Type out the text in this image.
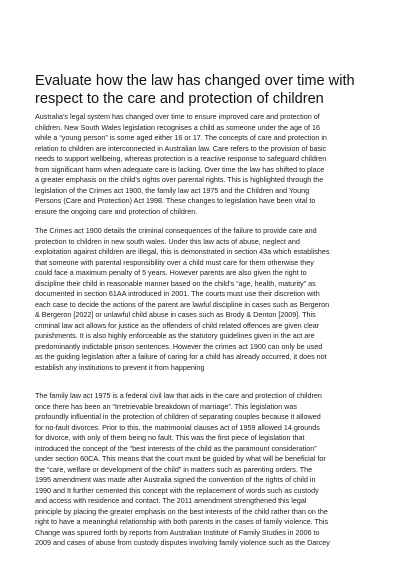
Evaluate how the law has changed over time with
respect to the care and protection of children
Australia’s legal system has changed over time to ensure improved care and protection of
children. New South Wales legislation recognises a child as someone under the age of 16
while a “young person” is some aged either 16 or 17. The concepts of care and protection in
relation to children are interconnected in Australian law. Care refers to the provision of basic
needs to support wellbeing, whereas protection is a reactive response to safeguard children
from significant harm when adequate care is lacking. Over time the law has shifted to place
a greater emphasis on the child’s rights over parental rights. This is highlighted through the
legislation of the Crimes act 1900, the family law act 1975 and the Children and Young
Persons (Care and Protection) Act 1998. These changes to legislation have been vital to
ensure the ongoing care and protection of children.
The Crimes act 1900 details the criminal consequences of the failure to provide care and
protection to children in new south wales. Under this law acts of abuse, neglect and
exploitation against children are illegal, this is demonstrated in section 43a which establishes
that someone with parental responsibility over a child must care for them otherwise they
could face a maximum penalty of 5 years. However parents are also given the right to
discipline their child in reasonable manner based on the child’s “age, health, maturity” as
documented in section 61AA introduced in 2001. The courts must use their discretion with
each case to decide the actions of the parent are lawful discipline in cases such as Bergeron
& Bergeron [2022] or unlawful child abuse in cases such as Brody & Denton [2009]. This
criminal law act allows for justice as the offenders of child related offences are given clear
punishments. It is also highly enforceable as the statutory guidelines given in the act are
predominantly indictable prison sentences. However the crimes act 1900 can only be used
as the guiding legislation after a failure of caring for a child has already occurred, it does not
establish any institutions to prevent it from happening
The family law act 1975 is a federal civil law that aids in the care and protection of children
once there has been an “Irretrievable breakdown of marriage”. This legislation was
profoundly influential in the protection of children of separating couples because it allowed
for no-fault divorces. Prior to this, the matrimonial clauses act of 1959 allowed 14 grounds
for divorce, with only of them being no fault. This was the first piece of legislation that
introduced the concept of the “best interests of the child as the paramount consideration”
under section 60CA. This means that the court must be guided by what will be beneficial for
the “care, welfare or development of the child” in matters such as parenting orders. The
1995 amendment was made after Australia signed the convention of the rights of child in
1990 and It further cemented this concept with the replacement of words such as custody
and access with residence and contact. The 2011 amendment strengthened this legal
principle by placing the greater emphasis on the best interests of the child rather than on the
right to have a meaningful relationship with both parents in the cases of family violence. This
Change was spurred forth by reports from Australian Institute of Family Studies in 2006 to
2009 and cases of abuse from custody disputes involving family violence such as the Darcey
